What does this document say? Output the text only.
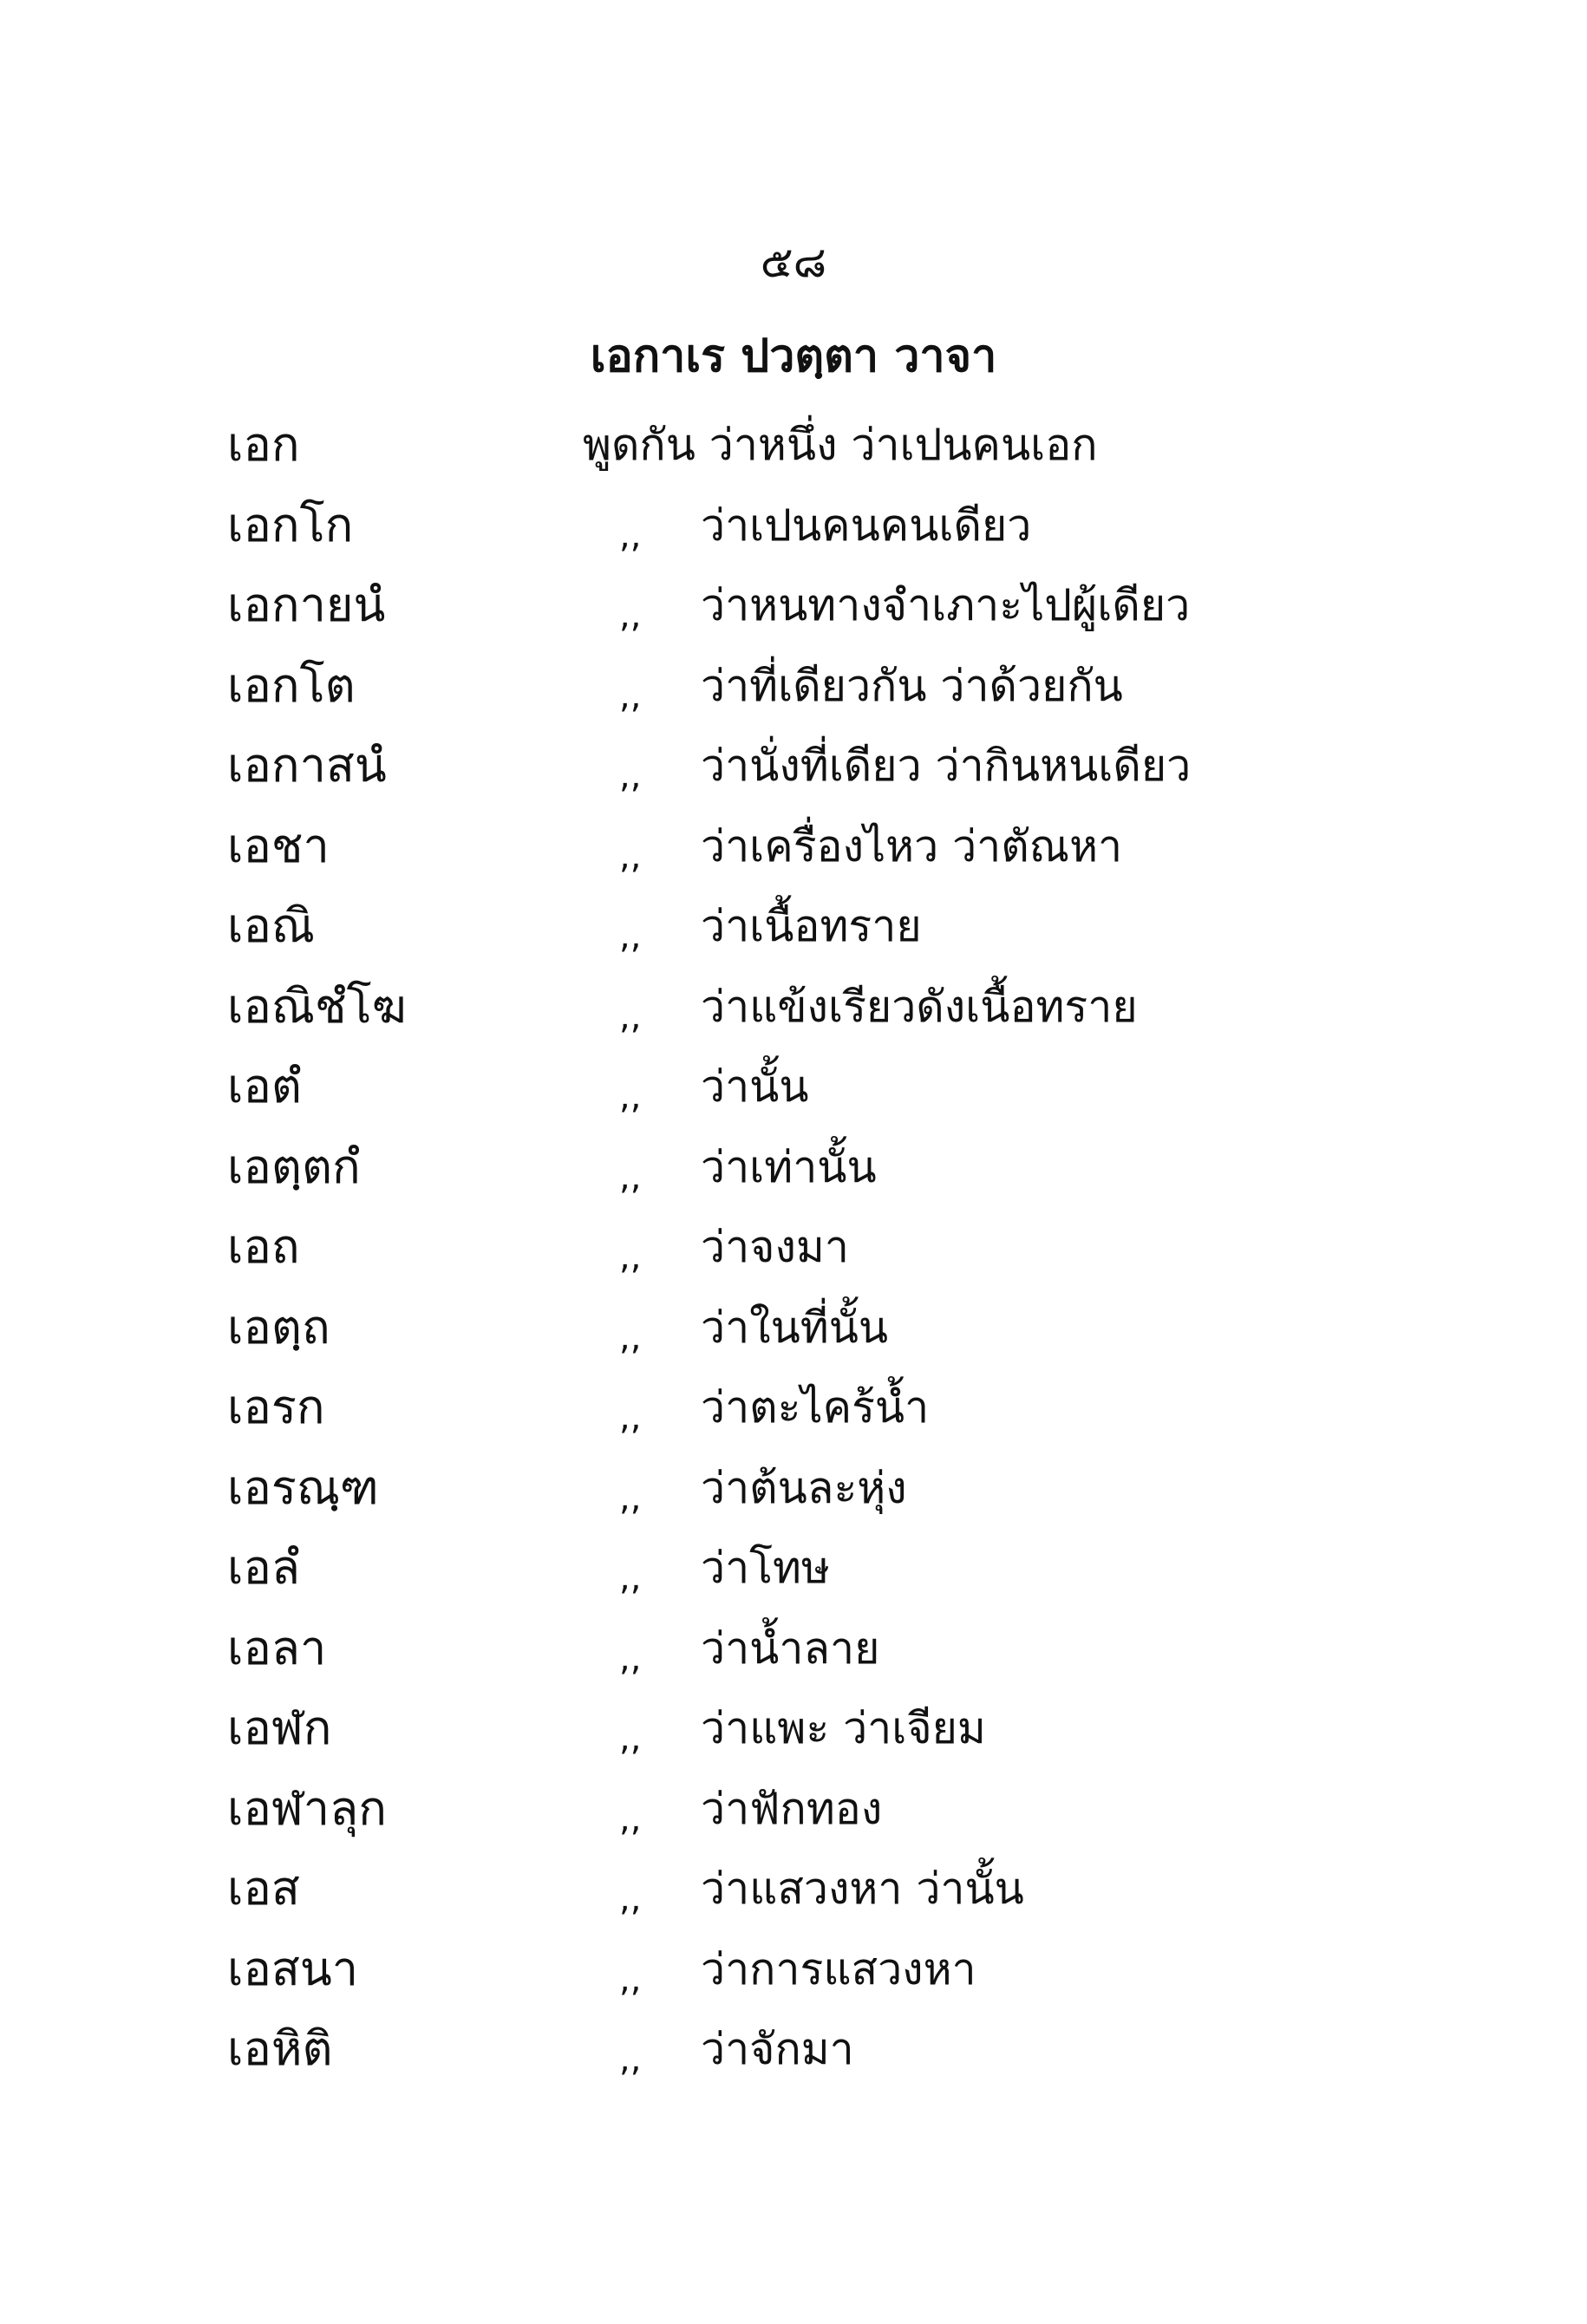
๕๘
เอกาเร ปวตฺตา วาจา
เอก	พูดกัน ว่าหนึ่ง ว่าเปนคนเอก
เอกโก	,, ว่าเปนคนคนเดียว
เอกายนํ	,, ว่าหนทางจำเภาะไปผู้เดียว
เอกโต	,, ว่าที่เดียวกัน ว่าด้วยกัน
เอกาสนํ	,, ว่านั่งที่เดียว ว่ากินหนเดียว
เอชา	,, ว่าเครื่องไหว ว่าตัณหา
เอณิ	,, ว่าเนื้อทราย
เอณิชํโฆ	,, ว่าแข้งเรียวดังเนื้อทราย
เอตํ	,, ว่านั้น
เอตฺตกํ	,, ว่าเท่านั้น
เอถ	,, ว่าจงมา
เอตฺถ	,, ว่าในที่นั้น
เอรก	,, ว่าตะไคร้น้ำ
เอรณฺฑ	,, ว่าต้นละหุ่ง
เอลํ	,, ว่าโทษ
เอลา	,, ว่าน้ำลาย
เอฬก	,, ว่าแพะ ว่าเจียม
เอฬาลุก	,, ว่าฟักทอง
เอส	,, ว่าแสวงหา ว่านั้น
เอสนา	,, ว่าการแสวงหา
เอหิติ	,, ว่าจักมา
